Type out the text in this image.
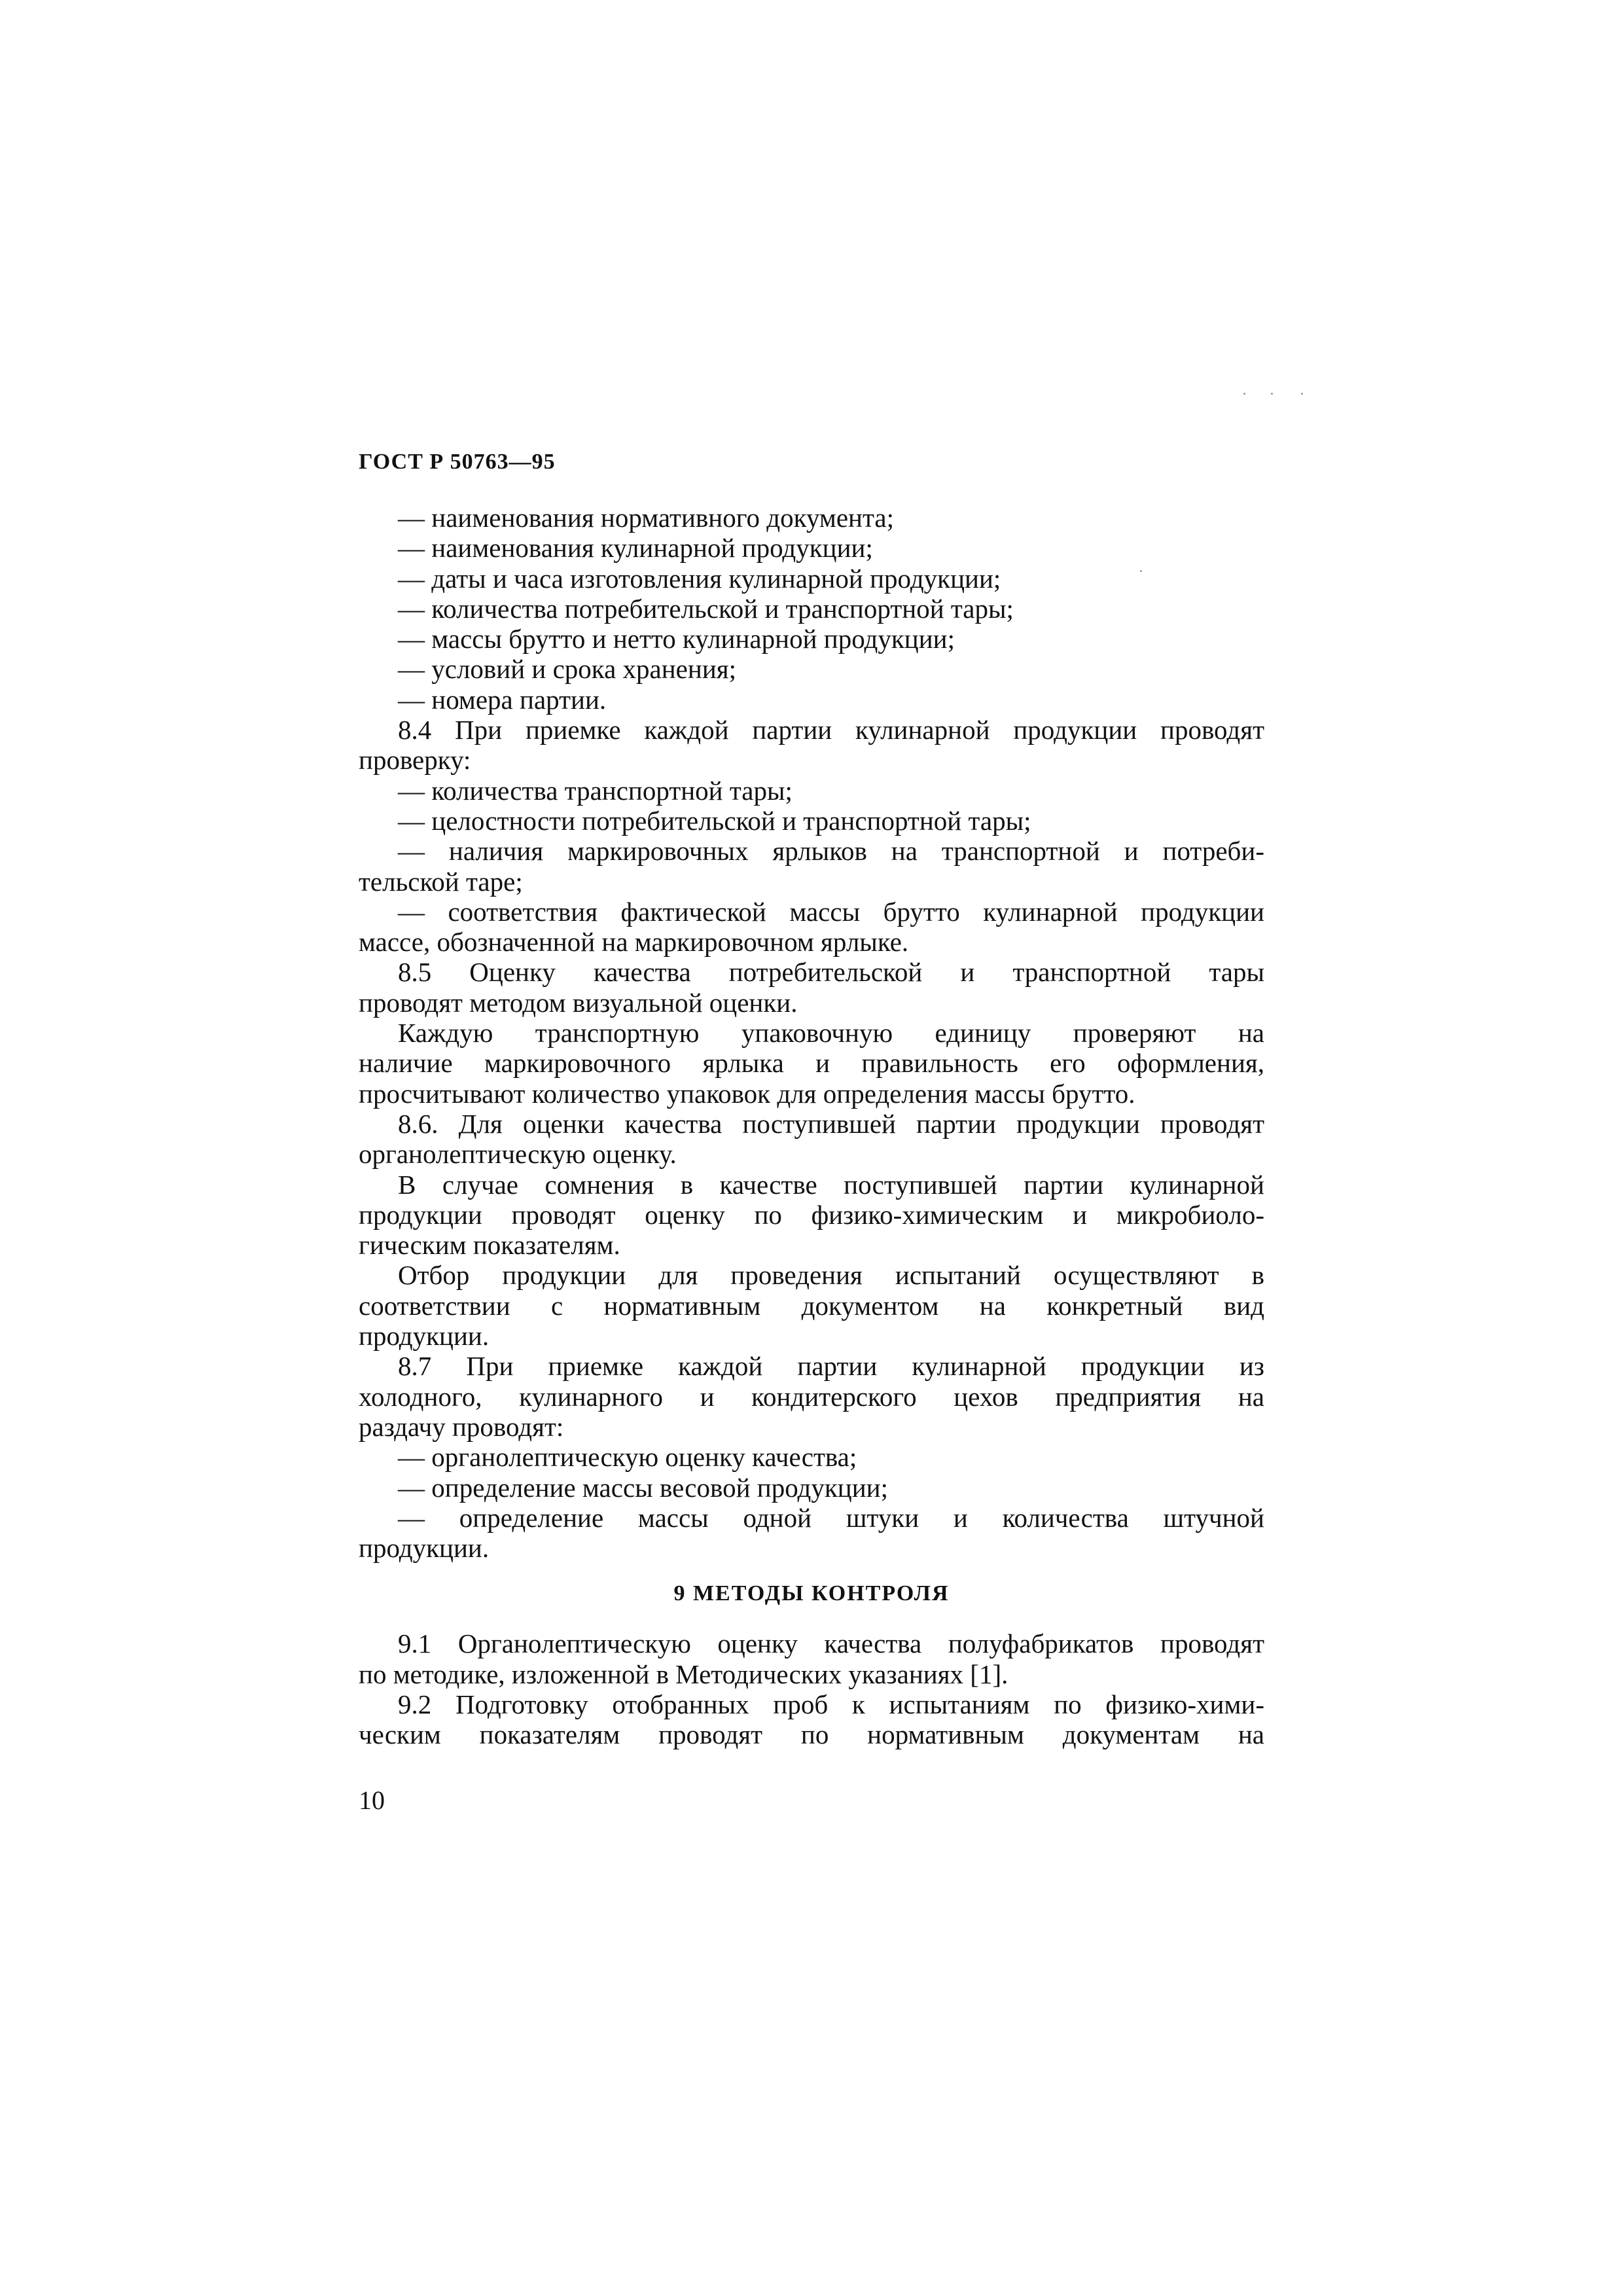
ГОСТ Р 50763—95
— наименования нормативного документа;
— наименования кулинарной продукции;
— даты и часа изготовления кулинарной продукции;
— количества потребительской и транспортной тары;
— массы брутто и нетто кулинарной продукции;
— условий и срока хранения;
— номера партии.
8.4 При приемке каждой партии кулинарной продукции проводят
проверку:
— количества транспортной тары;
— целостности потребительской и транспортной тары;
— наличия маркировочных ярлыков на транспортной и потреби-
тельской таре;
— соответствия фактической массы брутто кулинарной продукции
массе, обозначенной на маркировочном ярлыке.
8.5 Оценку качества потребительской и транспортной тары
проводят методом визуальной оценки.
Каждую транспортную упаковочную единицу проверяют на
наличие маркировочного ярлыка и правильность его оформления,
просчитывают количество упаковок для определения массы брутто.
8.6. Для оценки качества поступившей партии продукции проводят
органолептическую оценку.
В случае сомнения в качестве поступившей партии кулинарной
продукции проводят оценку по физико-химическим и микробиоло-
гическим показателям.
Отбор продукции для проведения испытаний осуществляют в
соответствии с нормативным документом на конкретный вид
продукции.
8.7 При приемке каждой партии кулинарной продукции из
холодного, кулинарного и кондитерского цехов предприятия на
раздачу проводят:
— органолептическую оценку качества;
— определение массы весовой продукции;
— определение массы одной штуки и количества штучной
продукции.
9 МЕТОДЫ КОНТРОЛЯ
9.1 Органолептическую оценку качества полуфабрикатов проводят
по методике, изложенной в Методических указаниях [1].
9.2 Подготовку отобранных проб к испытаниям по физико-хими-
ческим показателям проводят по нормативным документам на
10
